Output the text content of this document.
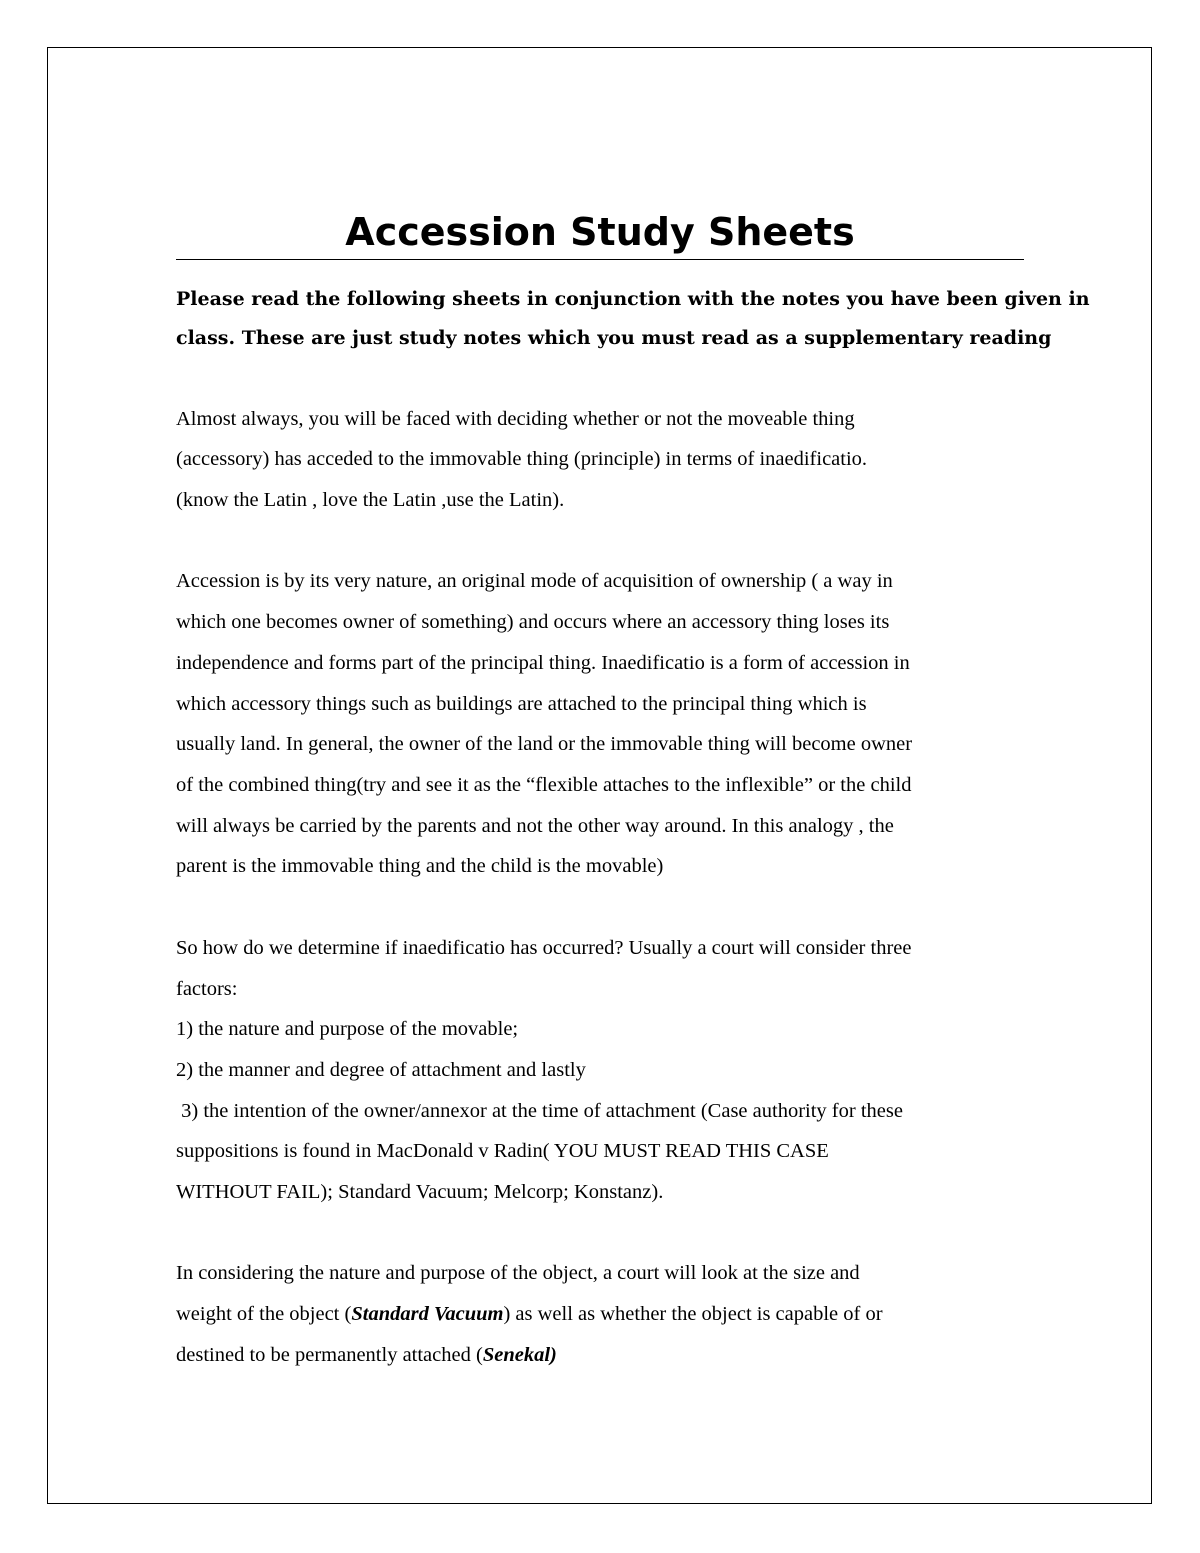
Accession Study Sheets

Please read the following sheets in conjunction with the notes you have been given in
class. These are just study notes which you must read as a supplementary reading

Almost always, you will be faced with deciding whether or not the moveable thing
(accessory) has acceded to the immovable thing (principle) in terms of inaedificatio.
(know the Latin , love the Latin ,use the Latin).

Accession is by its very nature, an original mode of acquisition of ownership ( a way in
which one becomes owner of something) and occurs where an accessory thing loses its
independence and forms part of the principal thing. Inaedificatio is a form of accession in
which accessory things such as buildings are attached to the principal thing which is
usually land. In general, the owner of the land or the immovable thing will become owner
of the combined thing(try and see it as the “flexible attaches to the inflexible” or the child
will always be carried by the parents and not the other way around. In this analogy , the
parent is the immovable thing and the child is the movable)

So how do we determine if inaedificatio has occurred? Usually a court will consider three
factors:
1) the nature and purpose of the movable;
2) the manner and degree of attachment and lastly
3) the intention of the owner/annexor at the time of attachment (Case authority for these
suppositions is found in MacDonald v Radin( YOU MUST READ THIS CASE
WITHOUT FAIL); Standard Vacuum; Melcorp; Konstanz).

In considering the nature and purpose of the object, a court will look at the size and
weight of the object (Standard Vacuum) as well as whether the object is capable of or
destined to be permanently attached (Senekal)
